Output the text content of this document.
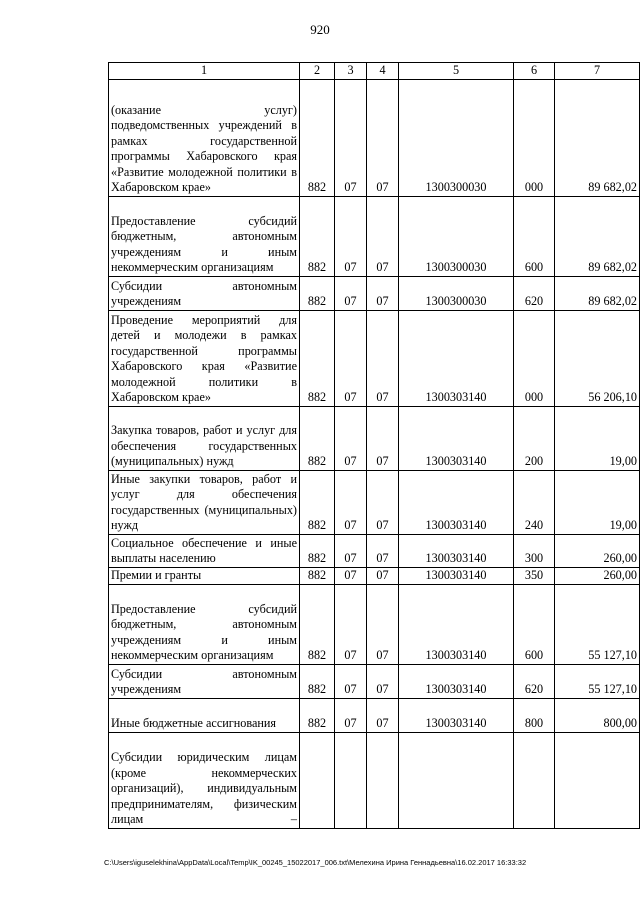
920
1	2	3	4	5	6	7
(оказание услуг) подведомственных учреждений в рамках государственной программы Хабаровского края «Развитие молодежной политики в Хабаровском крае»	882	07	07	1300300030	000	89 682,02
Предоставление субсидий бюджетным, автономным учреждениям и иным некоммерческим организациям	882	07	07	1300300030	600	89 682,02
Субсидии автономным учреждениям	882	07	07	1300300030	620	89 682,02
Проведение мероприятий для детей и молодежи в рамках государственной программы Хабаровского края «Развитие молодежной политики в Хабаровском крае»	882	07	07	1300303140	000	56 206,10
Закупка товаров, работ и услуг для обеспечения государственных (муниципальных) нужд	882	07	07	1300303140	200	19,00
Иные закупки товаров, работ и услуг для обеспечения государственных (муниципальных) нужд	882	07	07	1300303140	240	19,00
Социальное обеспечение и иные выплаты населению	882	07	07	1300303140	300	260,00
Премии и гранты	882	07	07	1300303140	350	260,00
Предоставление субсидий бюджетным, автономным учреждениям и иным некоммерческим организациям	882	07	07	1300303140	600	55 127,10
Субсидии автономным учреждениям	882	07	07	1300303140	620	55 127,10
Иные бюджетные ассигнования	882	07	07	1300303140	800	800,00
Субсидии юридическим лицам (кроме некоммерческих организаций), индивидуальным предпринимателям, физическим лицам –						
C:\Users\iguselekhina\AppData\Local\Temp\IK_00245_15022017_006.txt\Мелехина Ирина Геннадьевна\16.02.2017 16:33:32
